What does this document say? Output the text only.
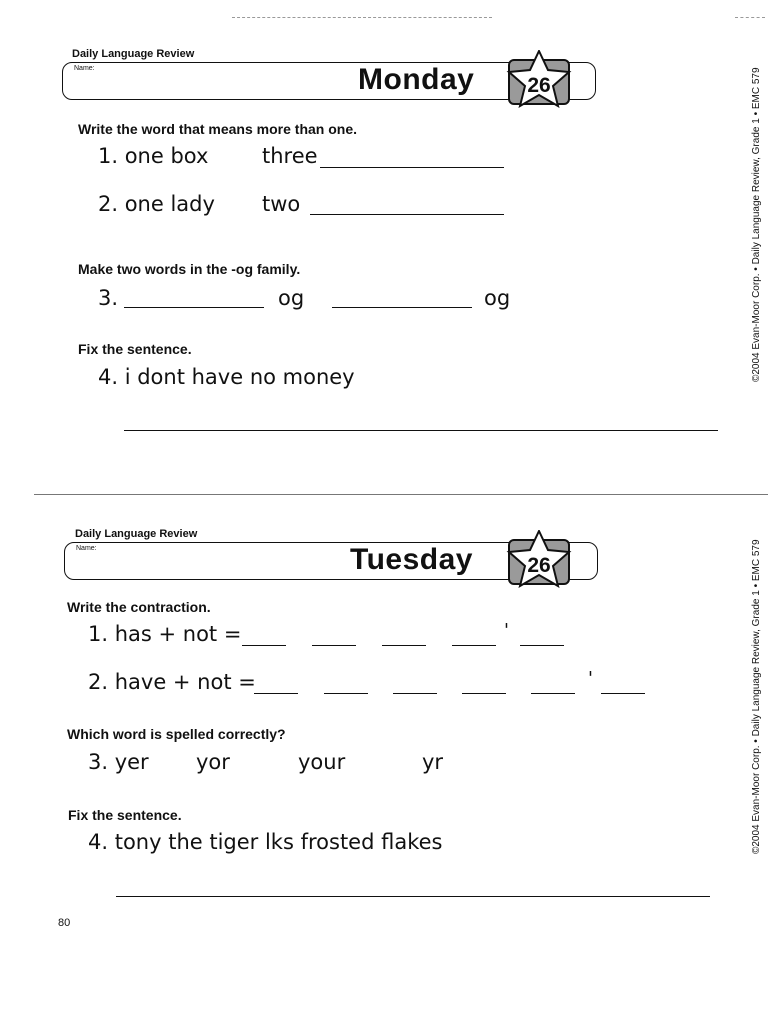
Daily Language Review
Name:	Monday	26
Write the word that means more than one.
1. one box	three
2. one lady two
Make two words in the -og family.
3.	og	og
Fix the sentence.
4. i dont have no money	©2004 Evan-Moor Corp. • Daily Language Review, Grade 1 • EMC 579
Daily Language Review
Name:	Tuesday	26
Write the contraction.
1. has + not =	'
2. have + not =	'
Which word is spelled correctly?
3. yer yor	your	yr
Fix the sentence.
4. tony the tiger lks frosted flakes	©2004 Evan-Moor Corp. • Daily Language Review, Grade 1 • EMC 579
80
